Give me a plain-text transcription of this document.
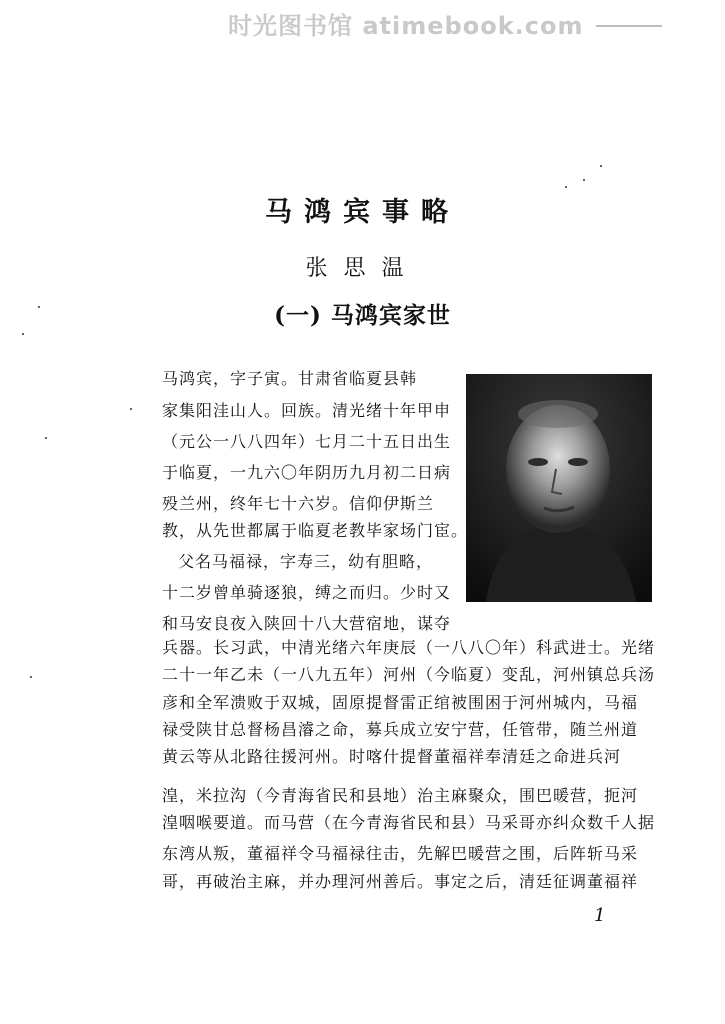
时光图书馆 atimebook.com
马鸿宾事略
张思温
(一) 马鸿宾家世
马鸿宾，字子寅。甘肃省临夏县韩
家集阳洼山人。回族。清光绪十年甲申
（元公一八八四年）七月二十五日出生
于临夏，一九六〇年阴历九月初二日病
殁兰州，终年七十六岁。信仰伊斯兰
教，从先世都属于临夏老教毕家场门宦。
父名马福禄，字寿三，幼有胆略，
十二岁曾单骑逐狼，缚之而归。少时又
和马安良夜入陕回十八大营宿地，谋夺
兵器。长习武，中清光绪六年庚辰（一八八〇年）科武进士。光绪
二十一年乙未（一八九五年）河州（今临夏）变乱，河州镇总兵汤
彦和全军溃败于双城，固原提督雷正绾被围困于河州城内，马福
禄受陕甘总督杨昌濬之命，募兵成立安宁营，任管带，随兰州道
黄云等从北路往援河州。时喀什提督董福祥奉清廷之命进兵河
湟，米拉沟（今青海省民和县地）治主麻聚众，围巴暖营，扼河
湟咽喉要道。而马营（在今青海省民和县）马采哥亦纠众数千人据
东湾从叛，董福祥令马福禄往击，先解巴暖营之围，后阵斩马采
哥，再破治主麻，并办理河州善后。事定之后，清廷征调董福祥
1
